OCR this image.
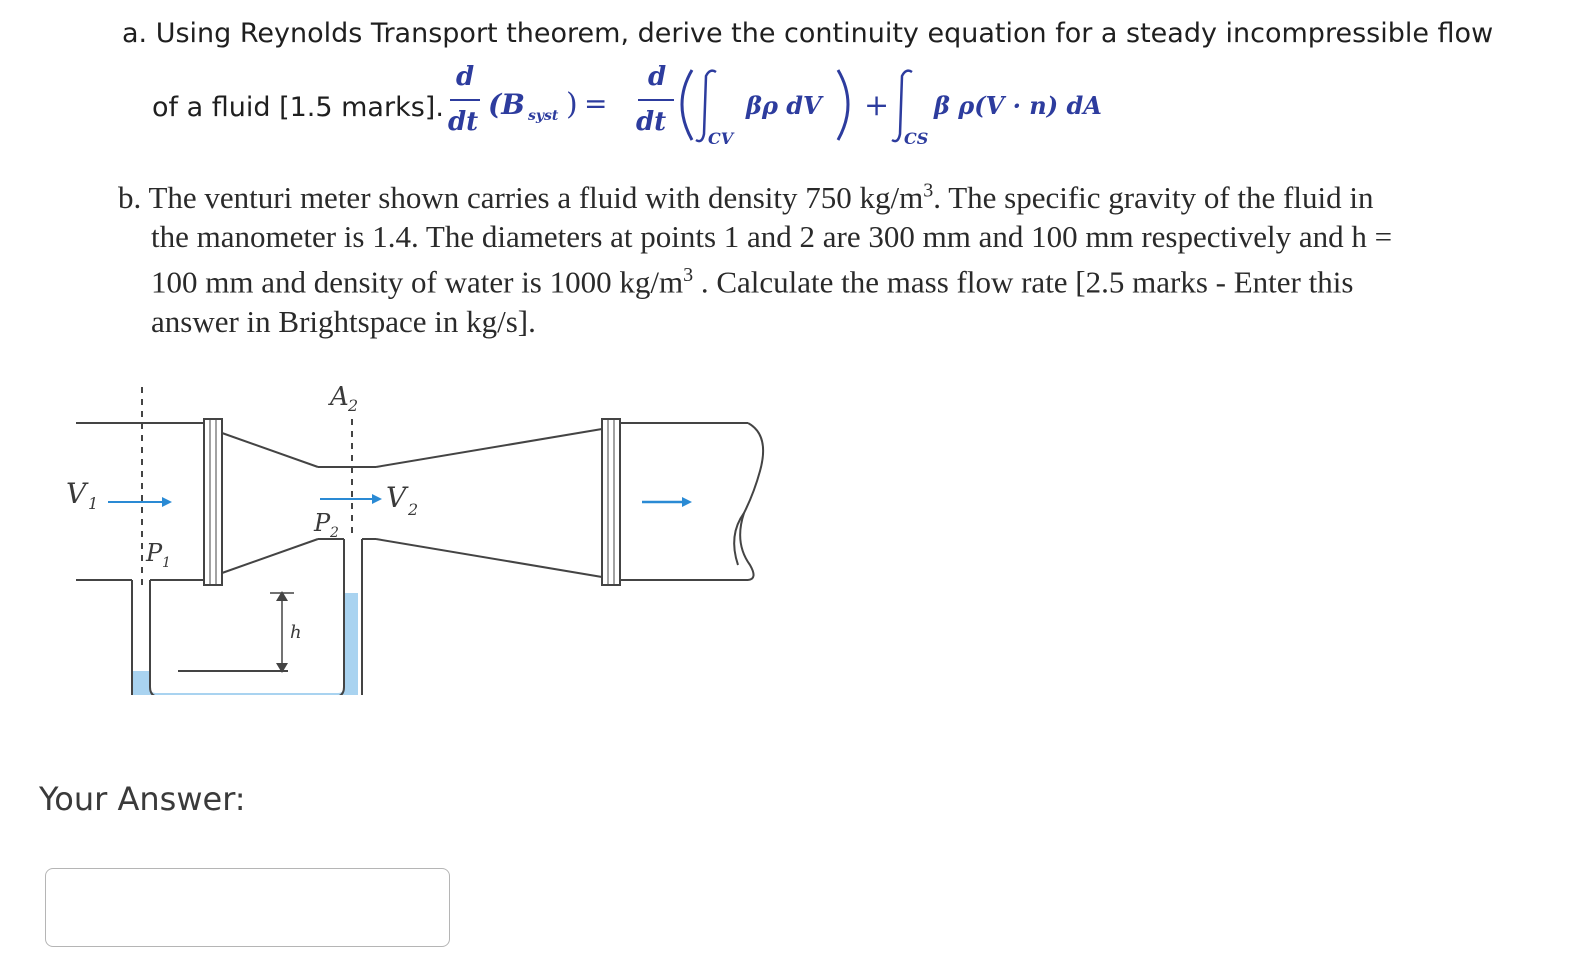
a. Using Reynolds Transport theorem, derive the continuity equation for a steady incompressible flow
of a fluid [1.5 marks].
d
dt
(B syst ) =
d
dt
CV
βρ dV +
CS
β ρ(V · n) dA
b. The venturi meter shown carries a fluid with density 750 $kg/m^3$. The specific gravity of the fluid in
the manometer is 1.4. The diameters at points 1 and 2 are 300 mm and 100 mm respectively and h =
100 mm and density of water is 1000 $kg/m^3$ . Calculate the mass flow rate [2.5 marks - Enter this
answer in Brightspace in kg/s].
h
A 2
V 1	V 2
P 1
P 2
Your Answer:
